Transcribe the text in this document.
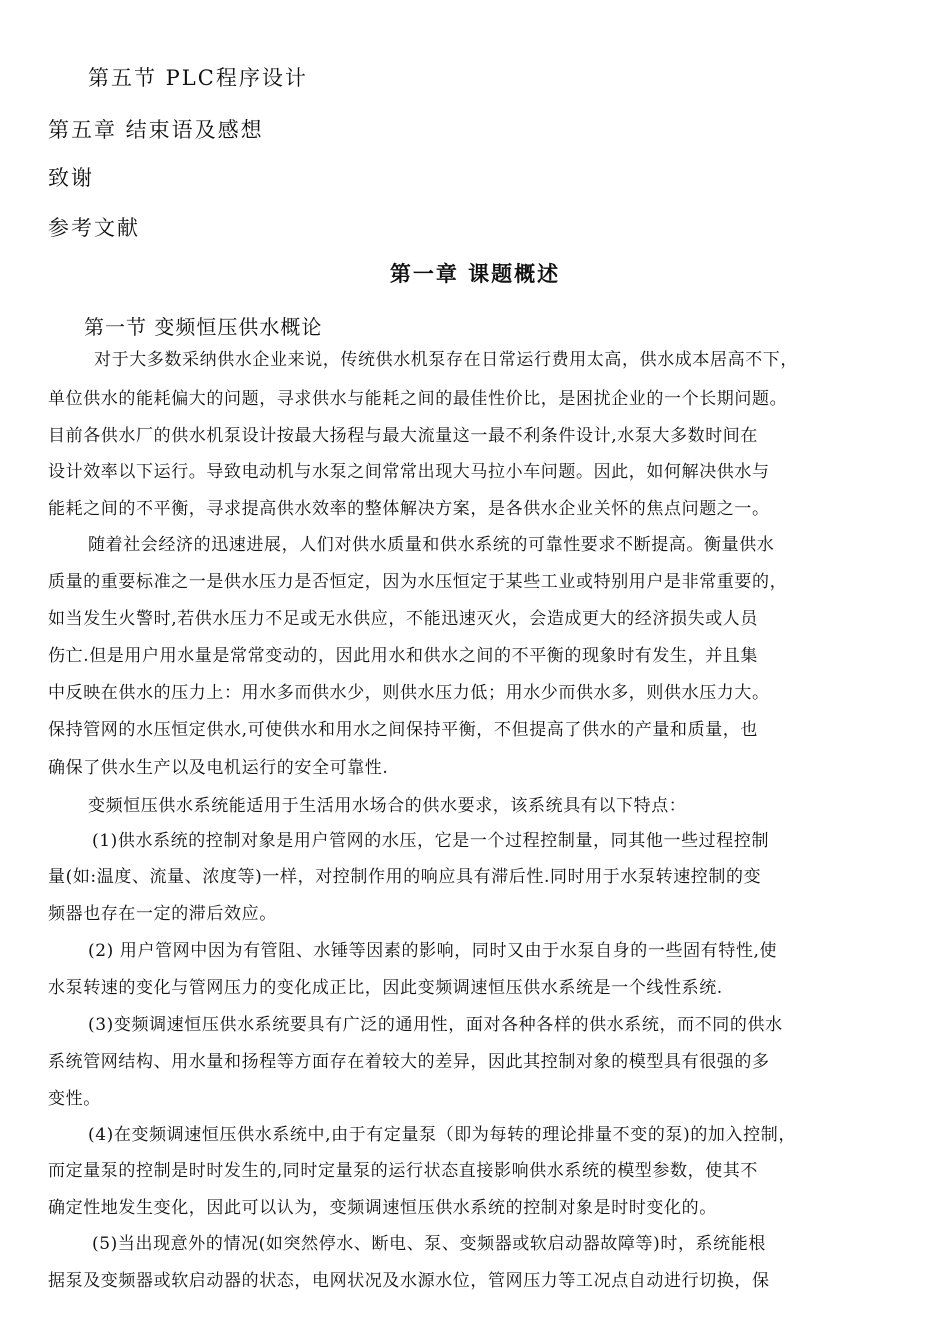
第五节 PLC程序设计
第五章 结束语及感想
致谢
参考文献
第一章 课题概述
第一节 变频恒压供水概论
对于大多数采纳供水企业来说，传统供水机泵存在日常运行费用太高，供水成本居高不下，
单位供水的能耗偏大的问题，寻求供水与能耗之间的最佳性价比，是困扰企业的一个长期问题。
目前各供水厂的供水机泵设计按最大扬程与最大流量这一最不利条件设计,水泵大多数时间在
设计效率以下运行。导致电动机与水泵之间常常出现大马拉小车问题。因此，如何解决供水与
能耗之间的不平衡，寻求提高供水效率的整体解决方案，是各供水企业关怀的焦点问题之一。
随着社会经济的迅速进展，人们对供水质量和供水系统的可靠性要求不断提高。衡量供水
质量的重要标准之一是供水压力是否恒定，因为水压恒定于某些工业或特别用户是非常重要的，
如当发生火警时,若供水压力不足或无水供应，不能迅速灭火，会造成更大的经济损失或人员
伤亡.但是用户用水量是常常变动的，因此用水和供水之间的不平衡的现象时有发生，并且集
中反映在供水的压力上：用水多而供水少，则供水压力低；用水少而供水多，则供水压力大。
保持管网的水压恒定供水,可使供水和用水之间保持平衡，不但提高了供水的产量和质量，也
确保了供水生产以及电机运行的安全可靠性.
变频恒压供水系统能适用于生活用水场合的供水要求，该系统具有以下特点：
(1)供水系统的控制对象是用户管网的水压，它是一个过程控制量，同其他一些过程控制
量(如:温度、流量、浓度等)一样，对控制作用的响应具有滞后性.同时用于水泵转速控制的变
频器也存在一定的滞后效应。
(2) 用户管网中因为有管阻、水锤等因素的影响，同时又由于水泵自身的一些固有特性,使
水泵转速的变化与管网压力的变化成正比，因此变频调速恒压供水系统是一个线性系统.
(3)变频调速恒压供水系统要具有广泛的通用性，面对各种各样的供水系统，而不同的供水
系统管网结构、用水量和扬程等方面存在着较大的差异，因此其控制对象的模型具有很强的多
变性。
(4)在变频调速恒压供水系统中,由于有定量泵（即为每转的理论排量不变的泵)的加入控制，
而定量泵的控制是时时发生的,同时定量泵的运行状态直接影响供水系统的模型参数，使其不
确定性地发生变化，因此可以认为，变频调速恒压供水系统的控制对象是时时变化的。
(5)当出现意外的情况(如突然停水、断电、泵、变频器或软启动器故障等)时，系统能根
据泵及变频器或软启动器的状态，电网状况及水源水位，管网压力等工况点自动进行切换，保
